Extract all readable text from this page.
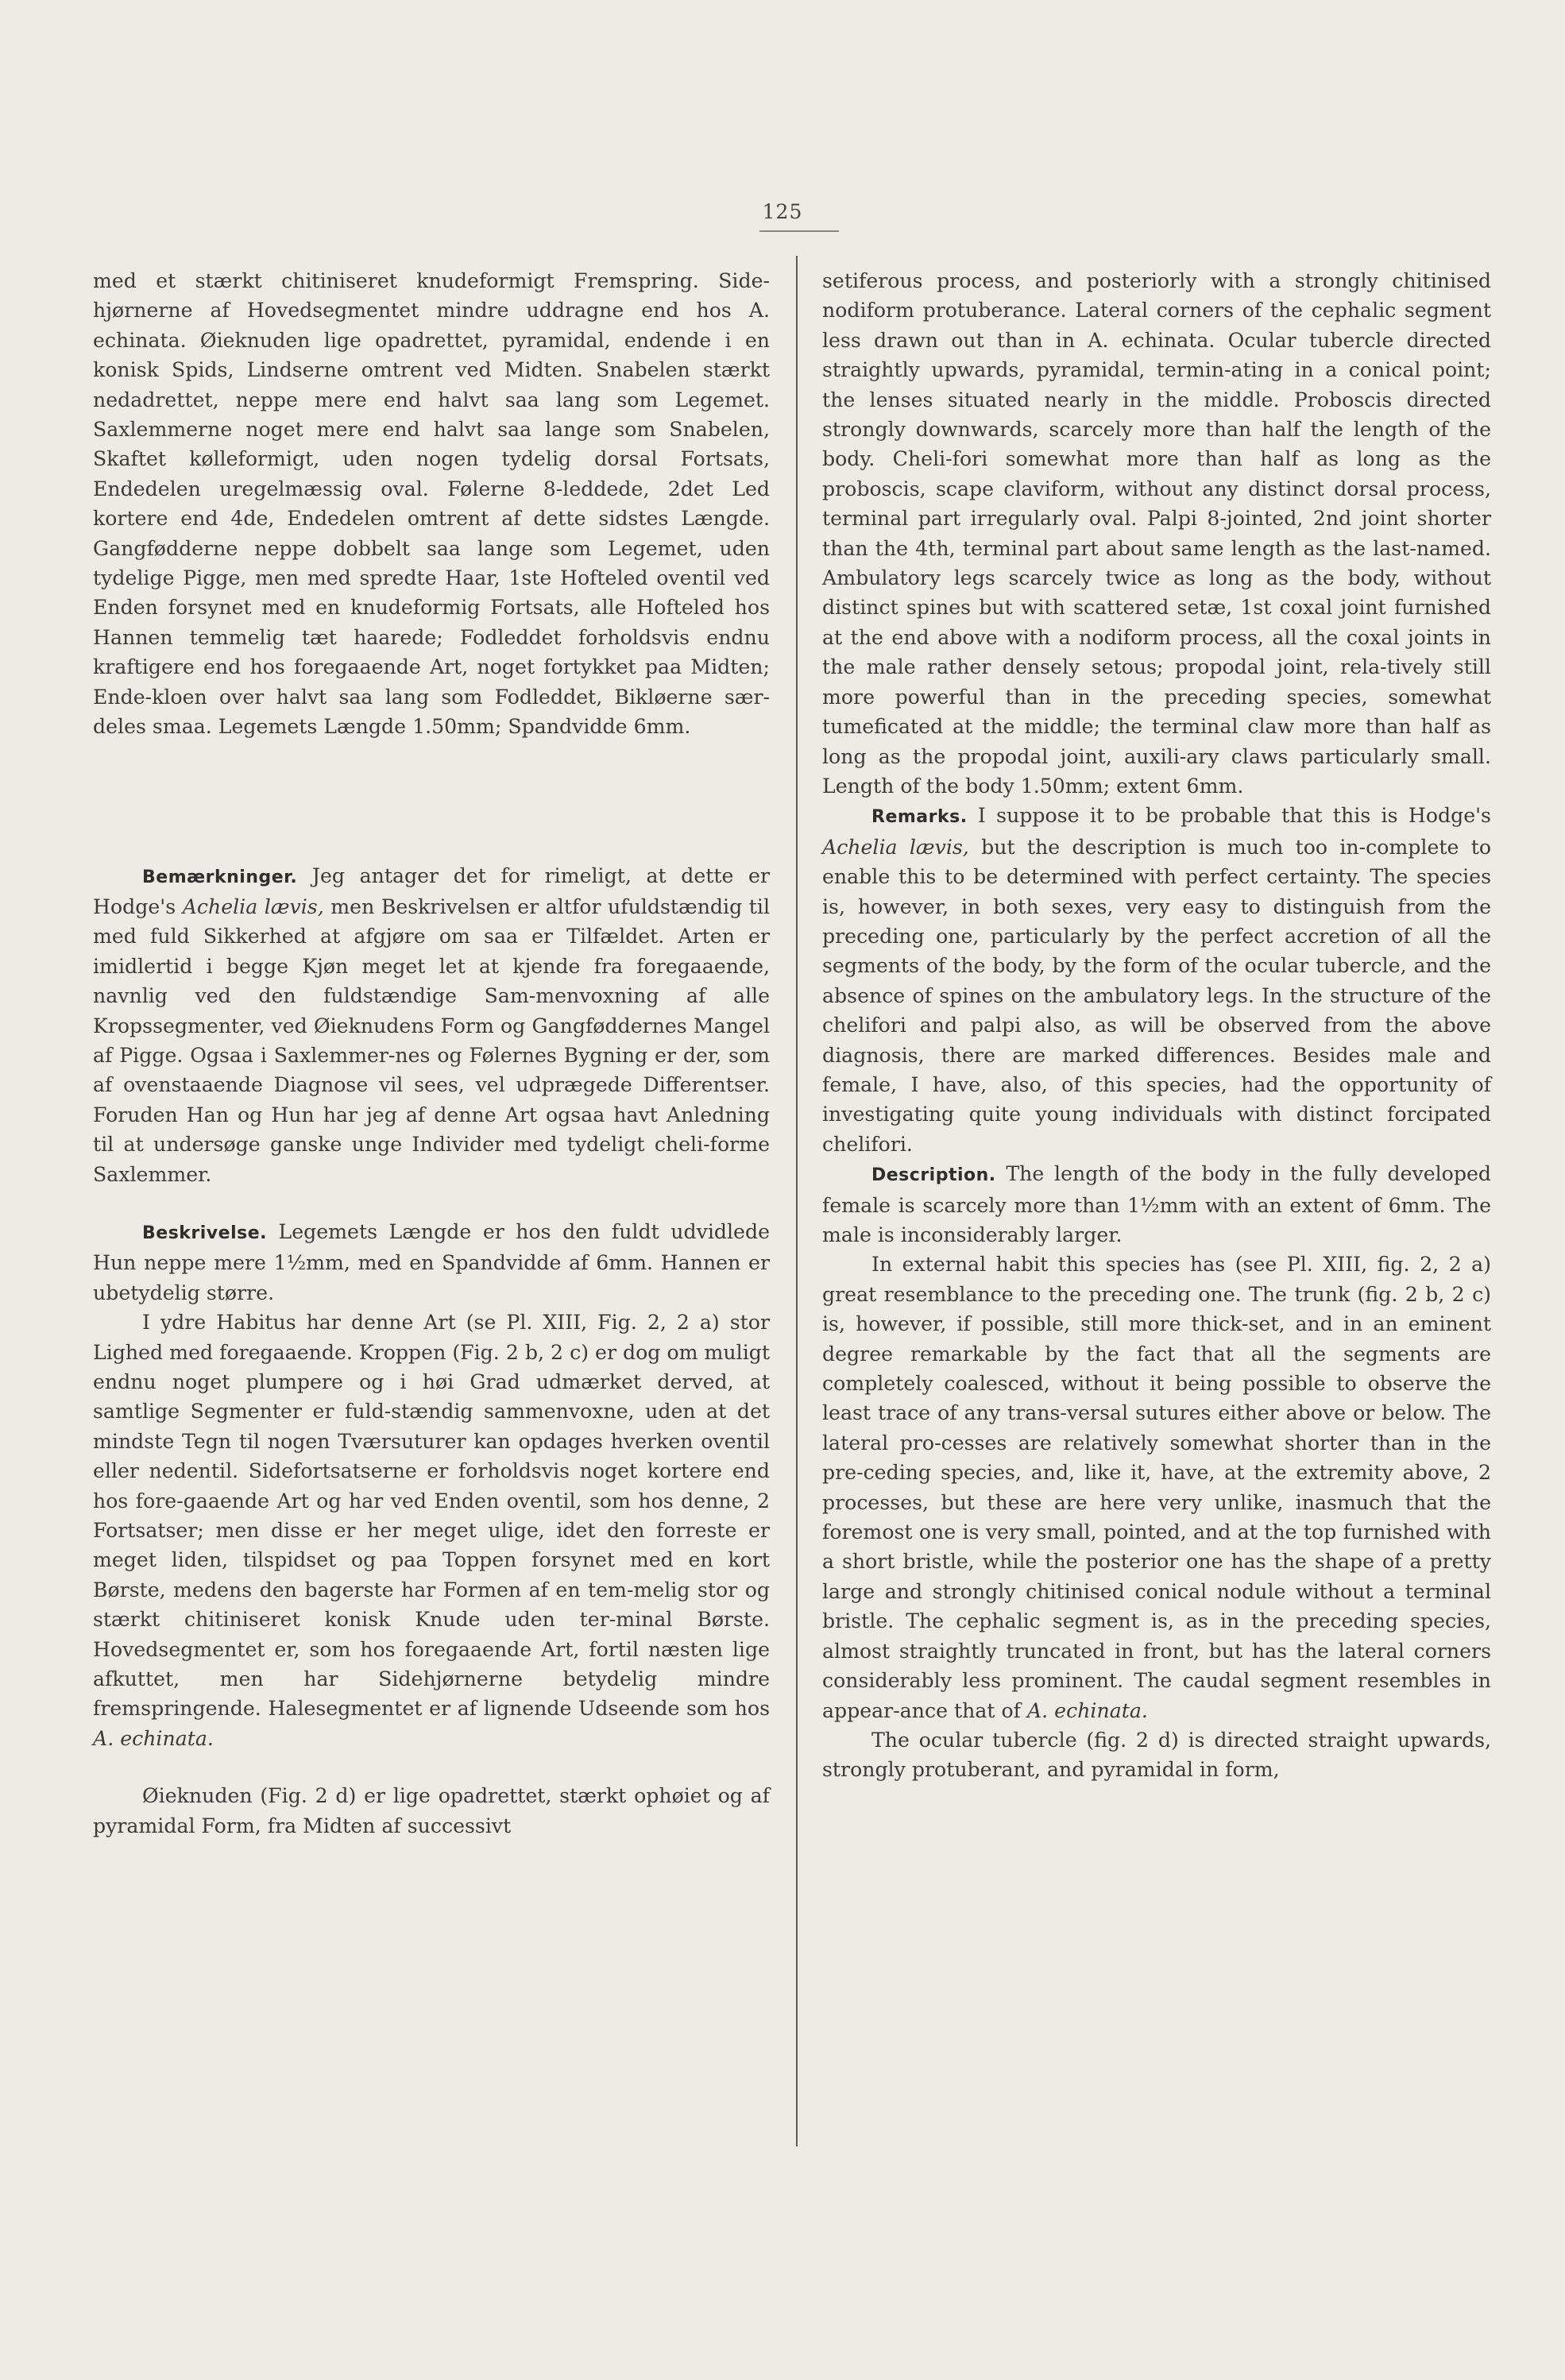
125

med et stærkt chitiniseret knudeformigt Fremspring. Side-hjørnerne af Hovedsegmentet mindre uddragne end hos A. echinata. Øieknuden lige opadrettet, pyramidal, endende i en konisk Spids, Lindserne omtrent ved Midten. Snabelen stærkt nedadrettet, neppe mere end halvt saa lang som Legemet. Saxlemmerne noget mere end halvt saa lange som Snabelen, Skaftet kølleformigt, uden nogen tydelig dorsal Fortsats, Endedelen uregelmæssig oval. Følerne 8-leddede, 2det Led kortere end 4de, Endedelen omtrent af dette sidstes Længde. Gangfødderne neppe dobbelt saa lange som Legemet, uden tydelige Pigge, men med spredte Haar, 1ste Hofteled oventil ved Enden forsynet med en knudeformig Fortsats, alle Hofteled hos Hannen temmelig tæt haarede; Fodleddet forholdsvis endnu kraftigere end hos foregaaende Art, noget fortykket paa Midten; Ende-kloen over halvt saa lang som Fodleddet, Bikløerne sær-deles smaa. Legemets Længde 1.50mm; Spandvidde 6mm.

Bemærkninger. Jeg antager det for rimeligt, at dette er Hodge's Achelia lævis, men Beskrivelsen er altfor ufuldstændig til med fuld Sikkerhed at afgjøre om saa er Tilfældet. Arten er imidlertid i begge Kjøn meget let at kjende fra foregaaende, navnlig ved den fuldstændige Sam-menvoxning af alle Kropssegmenter, ved Øieknudens Form og Gangføddernes Mangel af Pigge. Ogsaa i Saxlemmer-nes og Følernes Bygning er der, som af ovenstaaende Diagnose vil sees, vel udprægede Differentser. Foruden Han og Hun har jeg af denne Art ogsaa havt Anledning til at undersøge ganske unge Individer med tydeligt cheli-forme Saxlemmer.

Beskrivelse. Legemets Længde er hos den fuldt udvidlede Hun neppe mere 1½mm, med en Spandvidde af 6mm. Hannen er ubetydelig større.

I ydre Habitus har denne Art (se Pl. XIII, Fig. 2, 2 a) stor Lighed med foregaaende. Kroppen (Fig. 2 b, 2 c) er dog om muligt endnu noget plumpere og i høi Grad udmærket derved, at samtlige Segmenter er fuld-stændig sammenvoxne, uden at det mindste Tegn til nogen Tværsuturer kan opdages hverken oventil eller nedentil. Sidefortsatserne er forholdsvis noget kortere end hos fore-gaaende Art og har ved Enden oventil, som hos denne, 2 Fortsatser; men disse er her meget ulige, idet den forreste er meget liden, tilspidset og paa Toppen forsynet med en kort Børste, medens den bagerste har Formen af en tem-melig stor og stærkt chitiniseret konisk Knude uden ter-minal Børste. Hovedsegmentet er, som hos foregaaende Art, fortil næsten lige afkuttet, men har Sidehjørnerne betydelig mindre fremspringende. Halesegmentet er af lignende Udseende som hos A. echinata.

Øieknuden (Fig. 2 d) er lige opadrettet, stærkt ophøiet og af pyramidal Form, fra Midten af successivt

setiferous process, and posteriorly with a strongly chitinised nodiform protuberance. Lateral corners of the cephalic segment less drawn out than in A. echinata. Ocular tubercle directed straightly upwards, pyramidal, termin-ating in a conical point; the lenses situated nearly in the middle. Proboscis directed strongly downwards, scarcely more than half the length of the body. Cheli-fori somewhat more than half as long as the proboscis, scape claviform, without any distinct dorsal process, terminal part irregularly oval. Palpi 8-jointed, 2nd joint shorter than the 4th, terminal part about same length as the last-named. Ambulatory legs scarcely twice as long as the body, without distinct spines but with scattered setæ, 1st coxal joint furnished at the end above with a nodiform process, all the coxal joints in the male rather densely setous; propodal joint, rela-tively still more powerful than in the preceding species, somewhat tumeficated at the middle; the terminal claw more than half as long as the propodal joint, auxili-ary claws particularly small. Length of the body 1.50mm; extent 6mm.

Remarks. I suppose it to be probable that this is Hodge's Achelia lævis, but the description is much too in-complete to enable this to be determined with perfect certainty. The species is, however, in both sexes, very easy to distinguish from the preceding one, particularly by the perfect accretion of all the segments of the body, by the form of the ocular tubercle, and the absence of spines on the ambulatory legs. In the structure of the chelifori and palpi also, as will be observed from the above diagnosis, there are marked differences. Besides male and female, I have, also, of this species, had the opportunity of investigating quite young individuals with distinct forcipated chelifori.

Description. The length of the body in the fully developed female is scarcely more than 1½mm with an extent of 6mm. The male is inconsiderably larger.

In external habit this species has (see Pl. XIII, fig. 2, 2 a) great resemblance to the preceding one. The trunk (fig. 2 b, 2 c) is, however, if possible, still more thick-set, and in an eminent degree remarkable by the fact that all the segments are completely coalesced, without it being possible to observe the least trace of any trans-versal sutures either above or below. The lateral pro-cesses are relatively somewhat shorter than in the pre-ceding species, and, like it, have, at the extremity above, 2 processes, but these are here very unlike, inasmuch that the foremost one is very small, pointed, and at the top furnished with a short bristle, while the posterior one has the shape of a pretty large and strongly chitinised conical nodule without a terminal bristle. The cephalic segment is, as in the preceding species, almost straightly truncated in front, but has the lateral corners considerably less prominent. The caudal segment resembles in appear-ance that of A. echinata.

The ocular tubercle (fig. 2 d) is directed straight upwards, strongly protuberant, and pyramidal in form,
